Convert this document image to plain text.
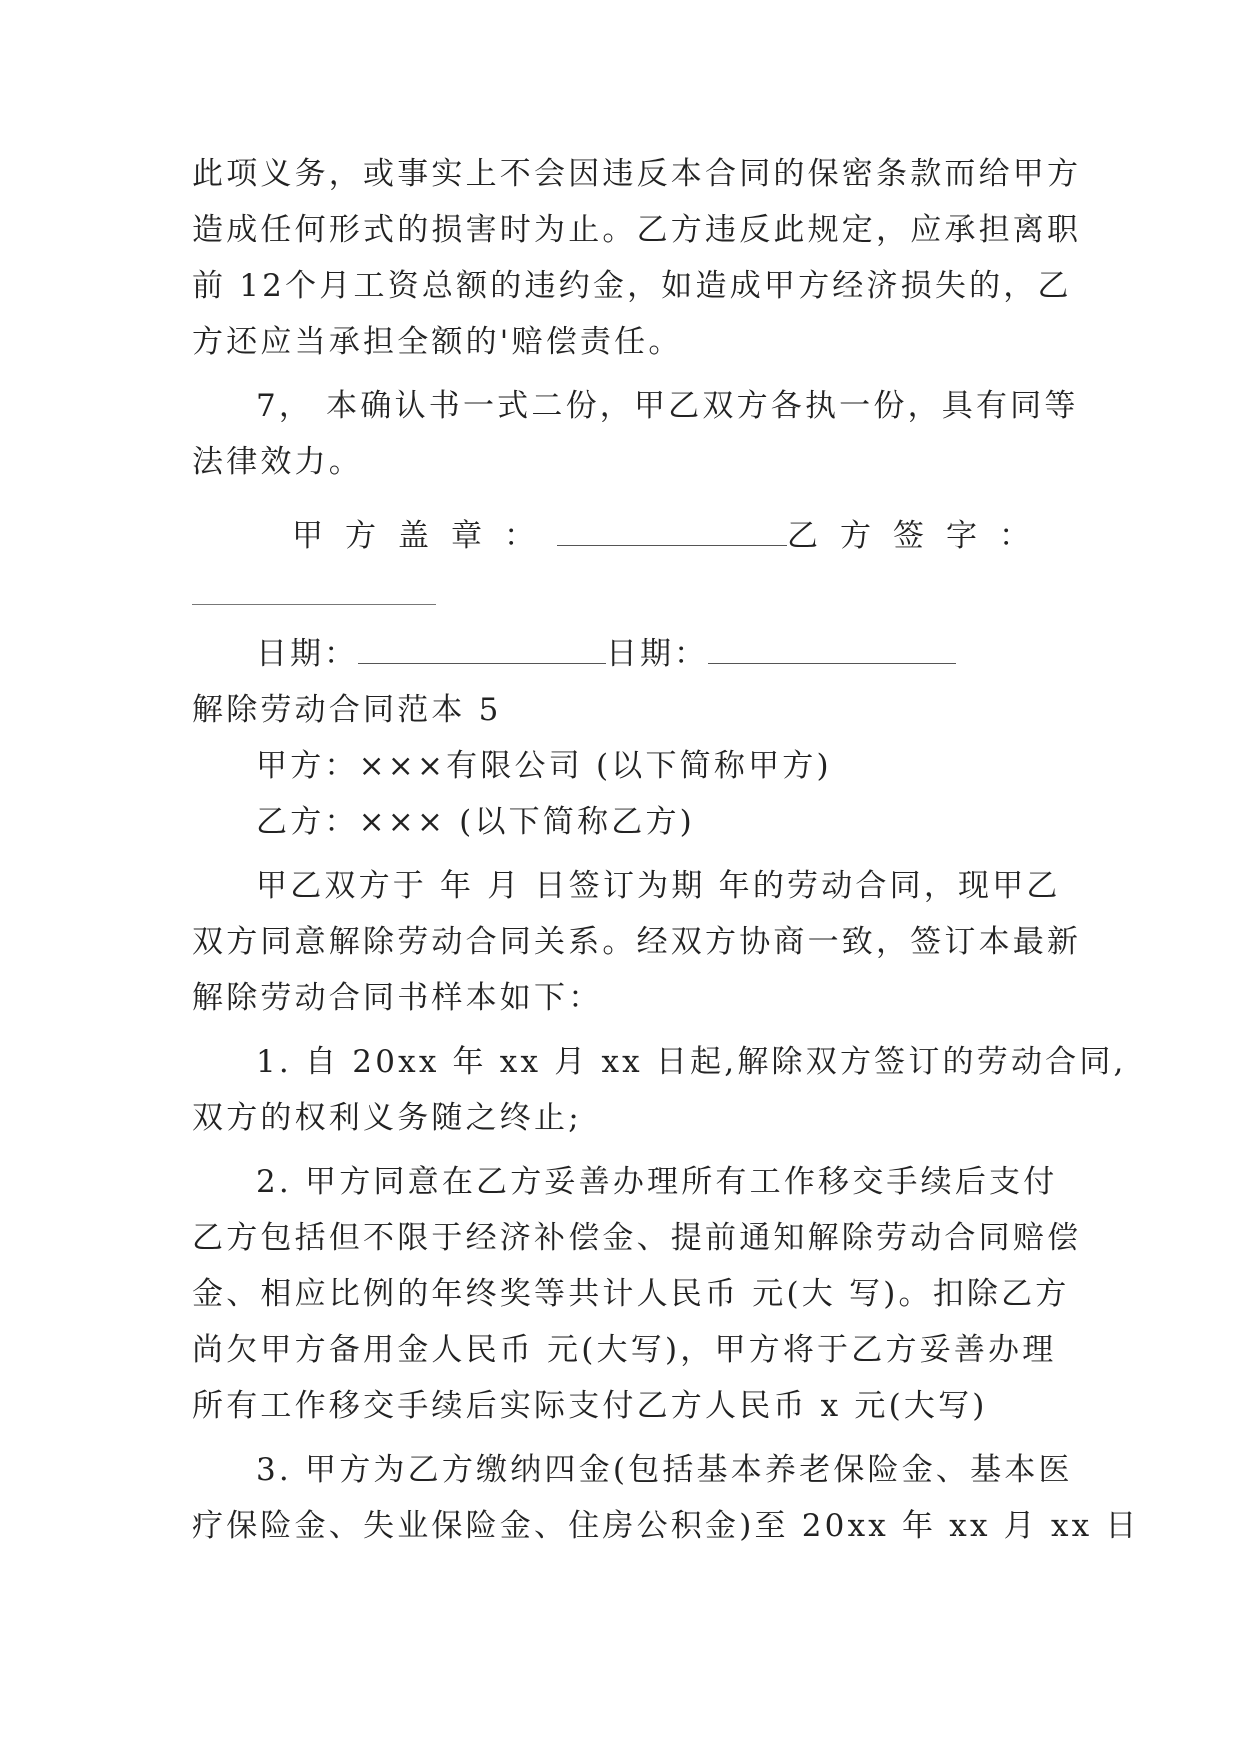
此项义务，或事实上不会因违反本合同的保密条款而给甲方
造成任何形式的损害时为止。乙方违反此规定，应承担离职
前 12个月工资总额的违约金，如造成甲方经济损失的，乙
方还应当承担全额的'赔偿责任。
7， 本确认书一式二份，甲乙双方各执一份，具有同等
法律效力。
甲方盖章：	乙方签字：
日期：	日期：
解除劳动合同范本 5
甲方：×××有限公司 (以下简称甲方)
乙方：××× (以下简称乙方)
甲乙双方于 年 月 日签订为期 年的劳动合同，现甲乙
双方同意解除劳动合同关系。经双方协商一致，签订本最新
解除劳动合同书样本如下：
1. 自 20xx 年 xx 月 xx 日起,解除双方签订的劳动合同,
双方的权利义务随之终止;
2. 甲方同意在乙方妥善办理所有工作移交手续后支付
乙方包括但不限于经济补偿金、提前通知解除劳动合同赔偿
金、相应比例的年终奖等共计人民币 元(大 写)。扣除乙方
尚欠甲方备用金人民币 元(大写)，甲方将于乙方妥善办理
所有工作移交手续后实际支付乙方人民币 x 元(大写)
3. 甲方为乙方缴纳四金(包括基本养老保险金、基本医
疗保险金、失业保险金、住房公积金)至 20xx 年 xx 月 xx 日
